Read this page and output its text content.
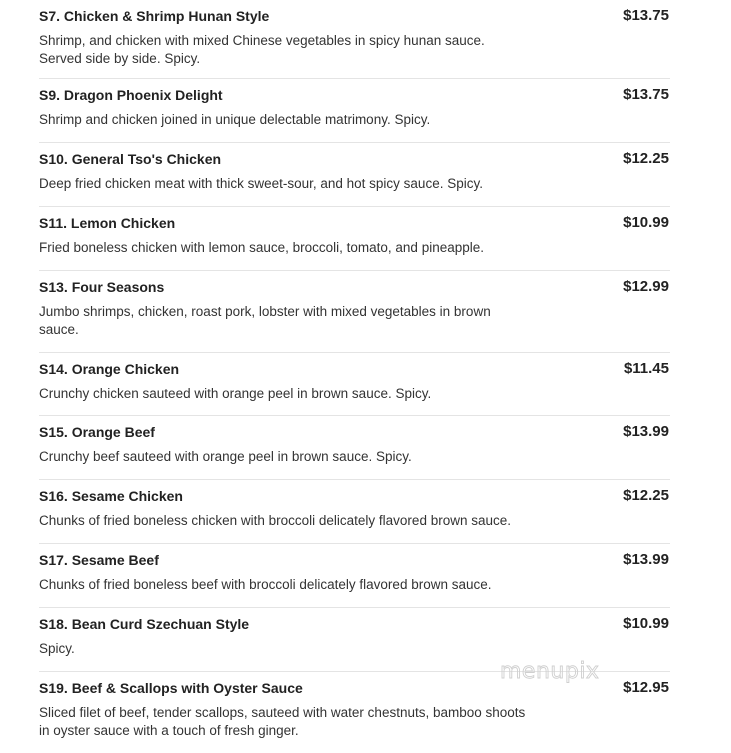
S7. Chicken & Shrimp Hunan Style	$13.75
Shrimp, and chicken with mixed Chinese vegetables in spicy hunan sauce. Served side by side. Spicy.
S9. Dragon Phoenix Delight	$13.75
Shrimp and chicken joined in unique delectable matrimony. Spicy.
S10. General Tso's Chicken	$12.25
Deep fried chicken meat with thick sweet-sour, and hot spicy sauce. Spicy.
S11. Lemon Chicken	$10.99
Fried boneless chicken with lemon sauce, broccoli, tomato, and pineapple.
S13. Four Seasons	$12.99
Jumbo shrimps, chicken, roast pork, lobster with mixed vegetables in brown sauce.
S14. Orange Chicken	$11.45
Crunchy chicken sauteed with orange peel in brown sauce. Spicy.
S15. Orange Beef	$13.99
Crunchy beef sauteed with orange peel in brown sauce. Spicy.
S16. Sesame Chicken	$12.25
Chunks of fried boneless chicken with broccoli delicately flavored brown sauce.
S17. Sesame Beef	$13.99
Chunks of fried boneless beef with broccoli delicately flavored brown sauce.
S18. Bean Curd Szechuan Style	$10.99
Spicy.
S19. Beef & Scallops with Oyster Sauce	$12.95
Sliced filet of beef, tender scallops, sauteed with water chestnuts, bamboo shoots in oyster sauce with a touch of fresh ginger.
menupix
